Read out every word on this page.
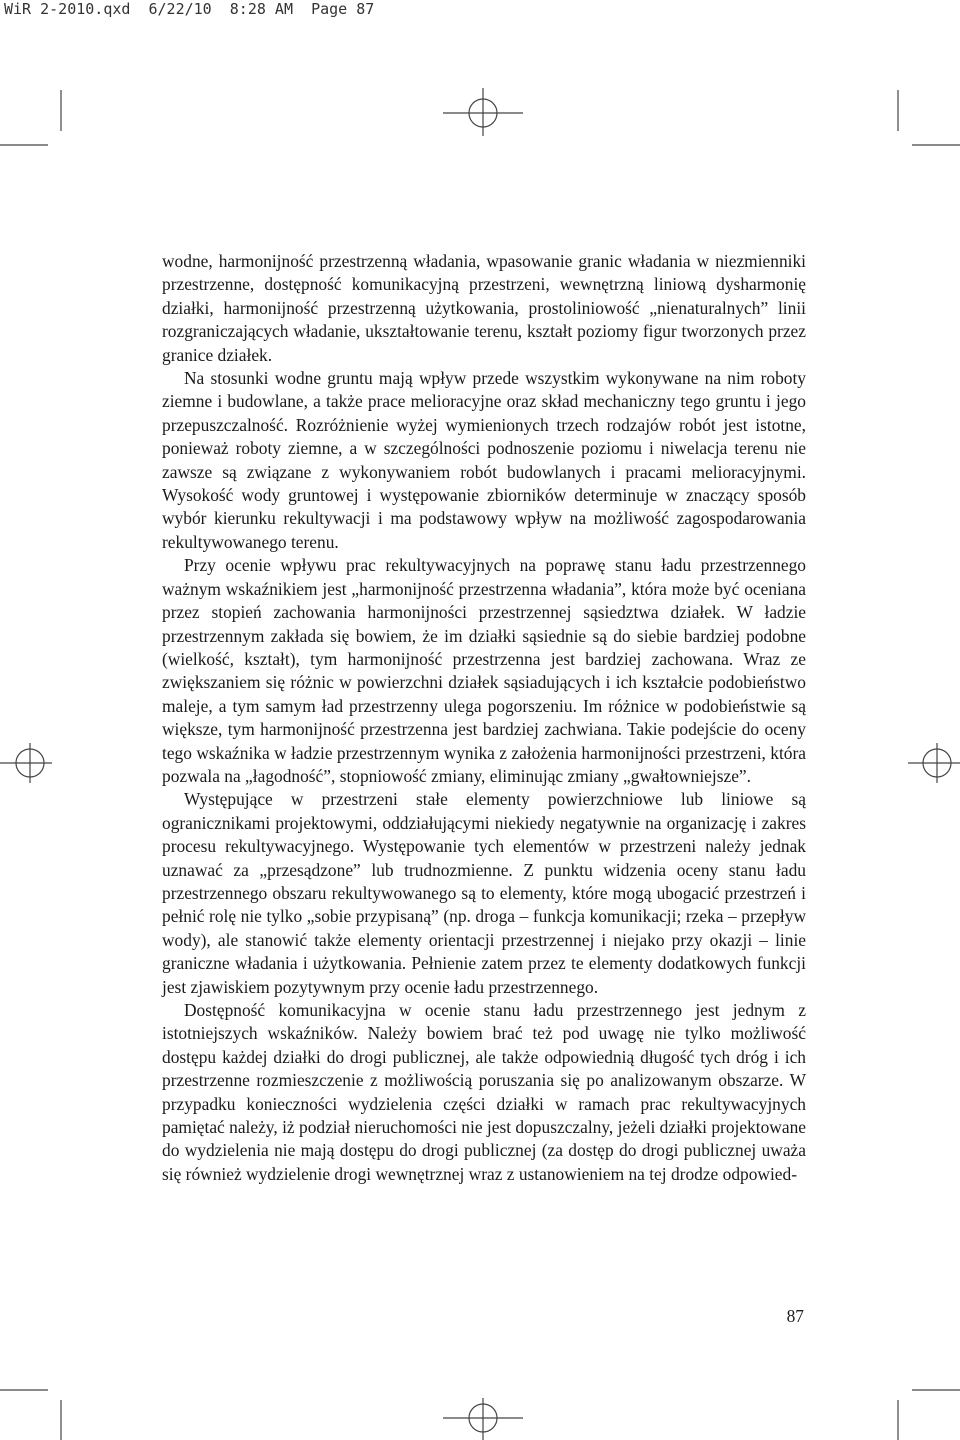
WiR 2-2010.qxd 6/22/10 8:28 AM Page 87

wodne, harmonijność przestrzenną władania, wpasowanie granic władania w niezmienniki przestrzenne, dostępność komunikacyjną przestrzeni, wewnętrzną liniową dysharmonię działki, harmonijność przestrzenną użytkowania, prostoliniowość „nienaturalnych” linii rozgraniczających władanie, ukształtowanie terenu, kształt poziomy figur tworzonych przez granice działek.

Na stosunki wodne gruntu mają wpływ przede wszystkim wykonywane na nim roboty ziemne i budowlane, a także prace melioracyjne oraz skład mechaniczny tego gruntu i jego przepuszczalność. Rozróżnienie wyżej wymienionych trzech rodzajów robót jest istotne, ponieważ roboty ziemne, a w szczególności podnoszenie poziomu i niwelacja terenu nie zawsze są związane z wykonywaniem robót budowlanych i pracami melioracyjnymi. Wysokość wody gruntowej i występowanie zbiorników determinuje w znaczący sposób wybór kierunku rekultywacji i ma podstawowy wpływ na możliwość zagospodarowania rekultywowanego terenu.

Przy ocenie wpływu prac rekultywacyjnych na poprawę stanu ładu przestrzennego ważnym wskaźnikiem jest „harmonijność przestrzenna władania”, która może być oceniana przez stopień zachowania harmonijności przestrzennej sąsiedztwa działek. W ładzie przestrzennym zakłada się bowiem, że im działki sąsiednie są do siebie bardziej podobne (wielkość, kształt), tym harmonijność przestrzenna jest bardziej zachowana. Wraz ze zwiększaniem się różnic w powierzchni działek sąsiadujących i ich kształcie podobieństwo maleje, a tym samym ład przestrzenny ulega pogorszeniu. Im różnice w podobieństwie są większe, tym harmonijność przestrzenna jest bardziej zachwiana. Takie podejście do oceny tego wskaźnika w ładzie przestrzennym wynika z założenia harmonijności przestrzeni, która pozwala na „łagodność”, stopniowość zmiany, eliminując zmiany „gwałtowniejsze”.

Występujące w przestrzeni stałe elementy powierzchniowe lub liniowe są ogranicznikami projektowymi, oddziałującymi niekiedy negatywnie na organizację i zakres procesu rekultywacyjnego. Występowanie tych elementów w przestrzeni należy jednak uznawać za „przesądzone” lub trudnozmienne. Z punktu widzenia oceny stanu ładu przestrzennego obszaru rekultywowanego są to elementy, które mogą ubogacić przestrzeń i pełnić rolę nie tylko „sobie przypisaną” (np. droga – funkcja komunikacji; rzeka – przepływ wody), ale stanowić także elementy orientacji przestrzennej i niejako przy okazji – linie graniczne władania i użytkowania. Pełnienie zatem przez te elementy dodatkowych funkcji jest zjawiskiem pozytywnym przy ocenie ładu przestrzennego.

Dostępność komunikacyjna w ocenie stanu ładu przestrzennego jest jednym z istotniejszych wskaźników. Należy bowiem brać też pod uwagę nie tylko możliwość dostępu każdej działki do drogi publicznej, ale także odpowiednią długość tych dróg i ich przestrzenne rozmieszczenie z możliwością poruszania się po analizowanym obszarze. W przypadku konieczności wydzielenia części działki w ramach prac rekultywacyjnych pamiętać należy, iż podział nieruchomości nie jest dopuszczalny, jeżeli działki projektowane do wydzielenia nie mają dostępu do drogi publicznej (za dostęp do drogi publicznej uważa się również wydzielenie drogi wewnętrznej wraz z ustanowieniem na tej drodze odpowied-

87
